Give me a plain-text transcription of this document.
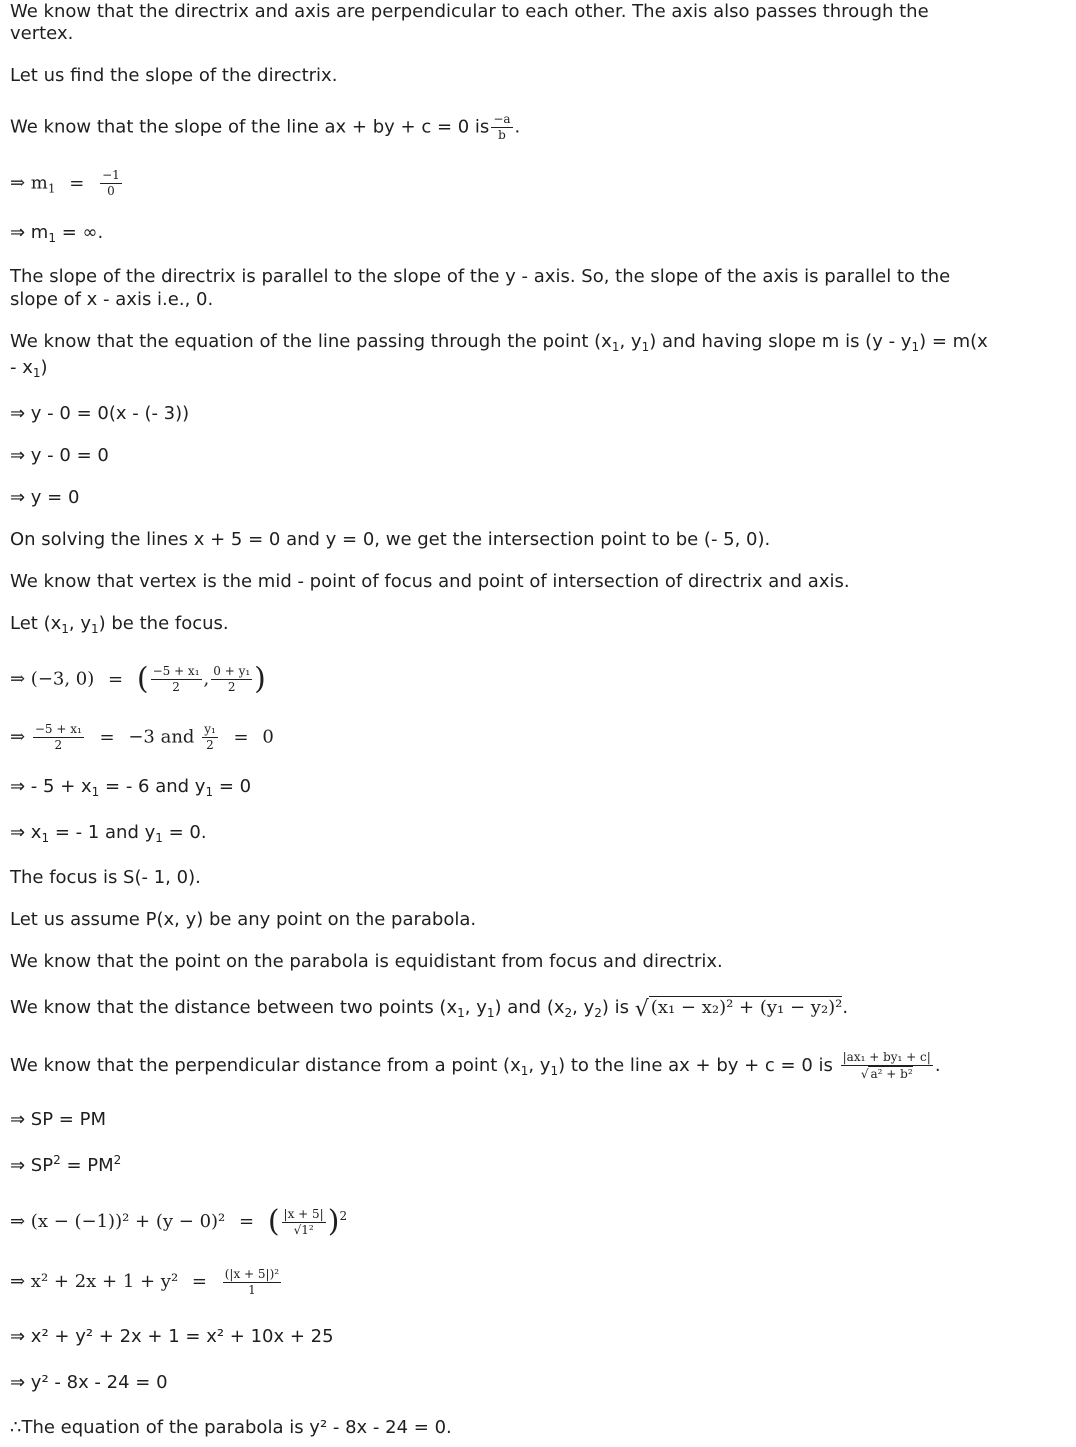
We know that the directrix and axis are perpendicular to each other. The axis also passes through the
vertex.
Let us find the slope of the directrix.
We know that the slope of the line ax + by + c = 0 is $\frac{-a}{b}$ .
⇒ $m_1 = \frac{-1}{0}$
⇒ $m_1$ = ∞.
The slope of the directrix is parallel to the slope of the y - axis. So, the slope of the axis is parallel to the
slope of x - axis i.e., 0.
We know that the equation of the line passing through the point ($x_1$, $y_1$) and having slope m is $(y - y_1) = m(x$
- $x_1$)
⇒ y - 0 = 0(x - (- 3))
⇒ y - 0 = 0
⇒ y = 0
On solving the lines x + 5 = 0 and y = 0, we get the intersection point to be (- 5, 0).
We know that vertex is the mid - point of focus and point of intersection of directrix and axis.
Let ($x_1$, $y_1$) be the focus.
⇒ (−3, 0) = ( $\frac{\text{−5 + x₁}}{2}$ , $\frac{\text{0 + y₁}}{2}$ )
⇒ $\frac{\text{−5 + x₁}}{2} = -3$ and $\frac{\text{y₁}}{2} = 0$
⇒ - $5 + x_1$ = - 6 and $y_1 = 0$
⇒ $x_1$ = - 1 and $y_1 = 0$.
The focus is S(- 1, 0).
Let us assume P(x, y) be any point on the parabola.
We know that the point on the parabola is equidistant from focus and directrix.
We know that the distance between two points ($x_1$, $y_1$) and ($x_2$, $y_2$) is √ (x₁ − x₂)² + (y₁ − y₂)².
We know that the perpendicular distance from a point ($x_1$, $y_1$) to the line ax + by + c = 0 is $\frac{\text{|ax₁ + by₁ + c|}}{\text{√ a² + b²}}$ .
⇒ SP = PM
⇒ $SP^2 = PM^2$
⇒ (x − (−1))² + (y − 0)² = ( $\frac{|x + 5|}{\text{√1²}} )^2$
⇒ $x^2 + 2x + 1 + y^2 = \frac{\text{(|x + 5|)²}}{1}$
⇒ x² + y² + 2x + 1 = x² + 10x + 25
⇒ y² - 8x - 24 = 0
∴The equation of the parabola is y² - 8x - 24 = 0.
